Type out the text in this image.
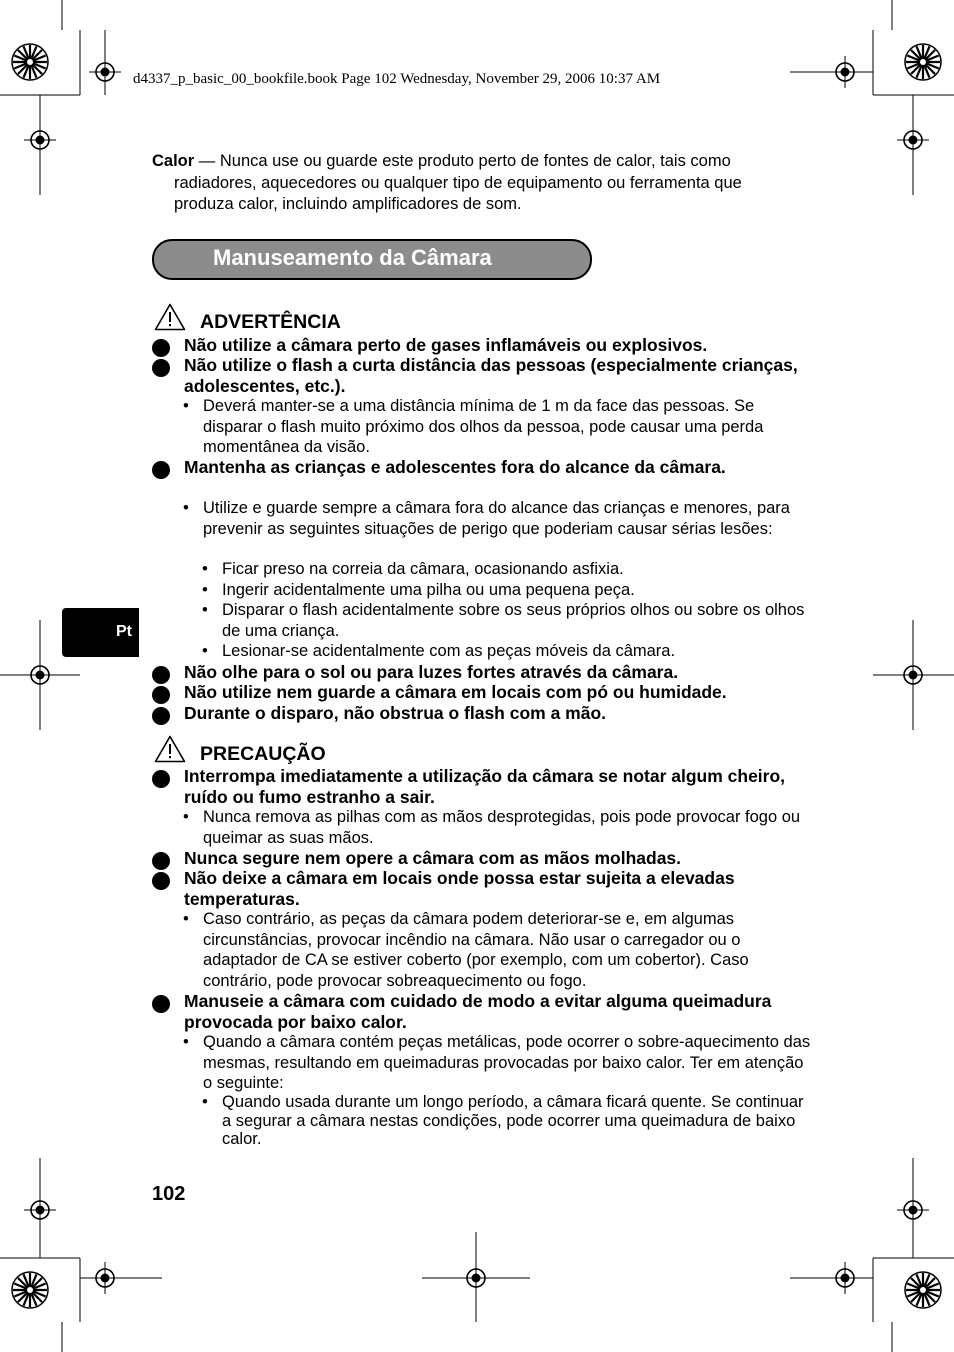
d4337_p_basic_00_bookfile.book Page 102 Wednesday, November 29, 2006 10:37 AM
Calor — Nunca use ou guarde este produto perto de fontes de calor, tais como
radiadores, aquecedores ou qualquer tipo de equipamento ou ferramenta que
produza calor, incluindo amplificadores de som.
Manuseamento da Câmara
ADVERTÊNCIA
Não utilize a câmara perto de gases inflamáveis ou explosivos.
Não utilize o flash a curta distância das pessoas (especialmente crianças, adolescentes, etc.).
• Deverá manter-se a uma distância mínima de 1 m da face das pessoas. Se disparar o flash muito próximo dos olhos da pessoa, pode causar uma perda momentânea da visão.
Mantenha as crianças e adolescentes fora do alcance da câmara.
• Utilize e guarde sempre a câmara fora do alcance das crianças e menores, para prevenir as seguintes situações de perigo que poderiam causar sérias lesões:
• Ficar preso na correia da câmara, ocasionando asfixia.
• Ingerir acidentalmente uma pilha ou uma pequena peça.
• Disparar o flash acidentalmente sobre os seus próprios olhos ou sobre os olhos de uma criança.
• Lesionar-se acidentalmente com as peças móveis da câmara.
Não olhe para o sol ou para luzes fortes através da câmara.
Não utilize nem guarde a câmara em locais com pó ou humidade.
Durante o disparo, não obstrua o flash com a mão.
Pt
PRECAUÇÃO
Interrompa imediatamente a utilização da câmara se notar algum cheiro, ruído ou fumo estranho a sair.
• Nunca remova as pilhas com as mãos desprotegidas, pois pode provocar fogo ou queimar as suas mãos.
Nunca segure nem opere a câmara com as mãos molhadas.
Não deixe a câmara em locais onde possa estar sujeita a elevadas temperaturas.
• Caso contrário, as peças da câmara podem deteriorar-se e, em algumas circunstâncias, provocar incêndio na câmara. Não usar o carregador ou o adaptador de CA se estiver coberto (por exemplo, com um cobertor). Caso contrário, pode provocar sobreaquecimento ou fogo.
Manuseie a câmara com cuidado de modo a evitar alguma queimadura provocada por baixo calor.
• Quando a câmara contém peças metálicas, pode ocorrer o sobre-aquecimento das mesmas, resultando em queimaduras provocadas por baixo calor. Ter em atenção o seguinte:
• Quando usada durante um longo período, a câmara ficará quente. Se continuar a segurar a câmara nestas condições, pode ocorrer uma queimadura de baixo calor.
102
